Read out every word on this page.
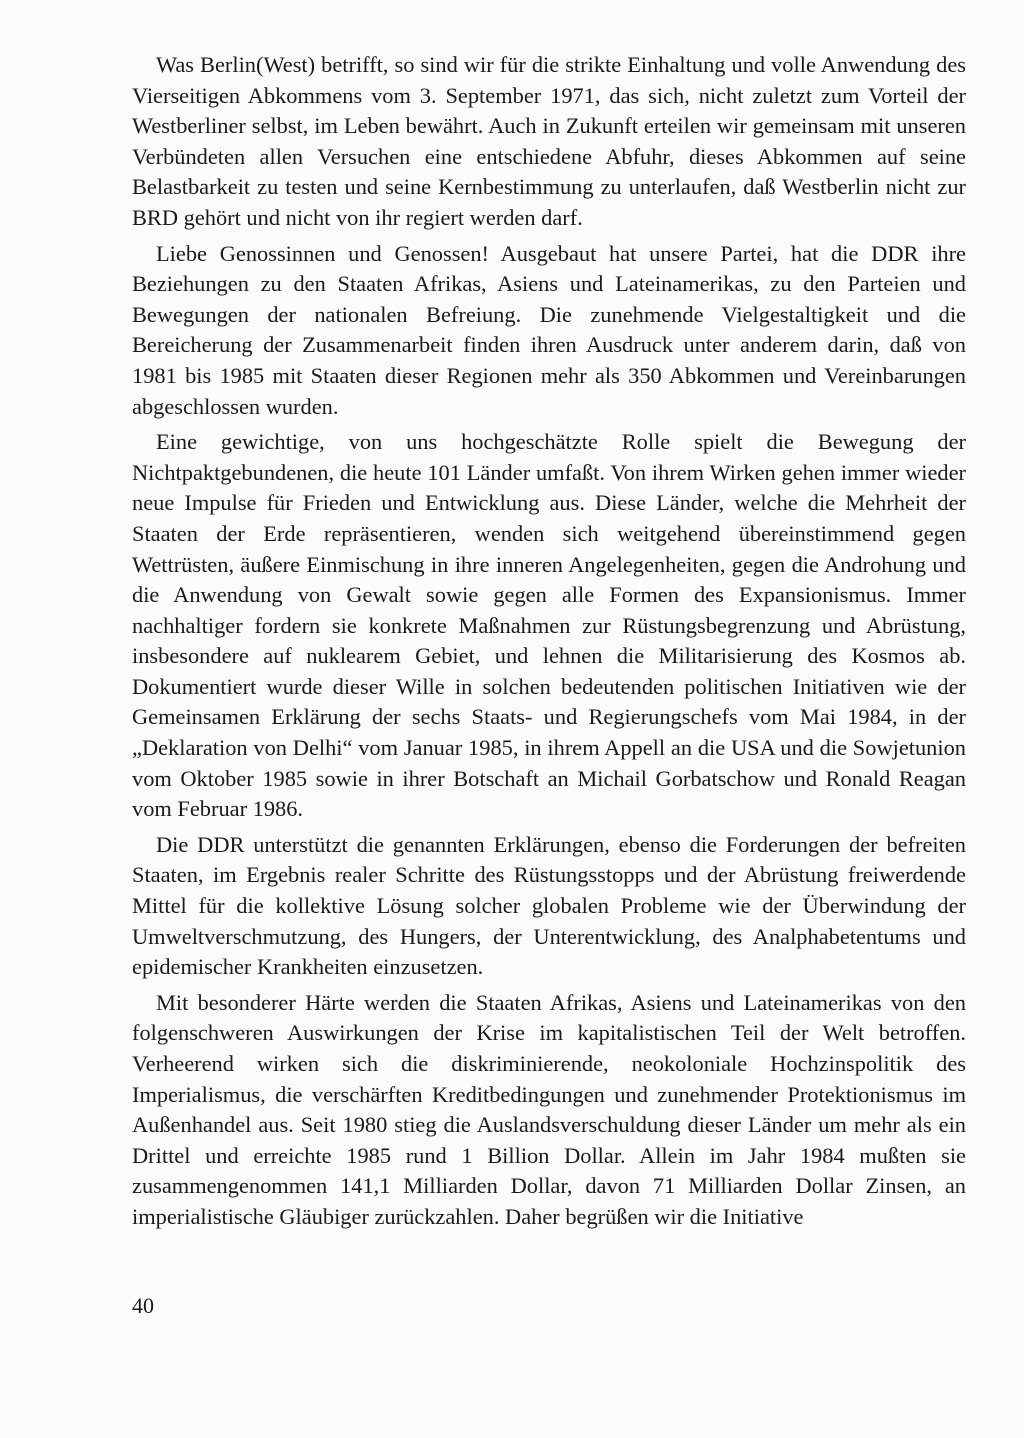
Was Berlin(West) betrifft, so sind wir für die strikte Einhaltung und volle Anwendung des Vierseitigen Abkommens vom 3. September 1971, das sich, nicht zuletzt zum Vorteil der Westberliner selbst, im Leben bewährt. Auch in Zukunft erteilen wir gemeinsam mit unseren Verbündeten allen Versuchen eine entschiedene Abfuhr, dieses Abkommen auf seine Belastbarkeit zu testen und seine Kernbestimmung zu unterlaufen, daß Westberlin nicht zur BRD gehört und nicht von ihr regiert werden darf.

Liebe Genossinnen und Genossen! Ausgebaut hat unsere Partei, hat die DDR ihre Beziehungen zu den Staaten Afrikas, Asiens und Lateinamerikas, zu den Parteien und Bewegungen der nationalen Befreiung. Die zunehmende Vielgestaltigkeit und die Bereicherung der Zusammenarbeit finden ihren Ausdruck unter anderem darin, daß von 1981 bis 1985 mit Staaten dieser Regionen mehr als 350 Abkommen und Vereinbarungen abgeschlossen wurden.

Eine gewichtige, von uns hochgeschätzte Rolle spielt die Bewegung der Nichtpaktgebundenen, die heute 101 Länder umfaßt. Von ihrem Wirken gehen immer wieder neue Impulse für Frieden und Entwicklung aus. Diese Länder, welche die Mehrheit der Staaten der Erde repräsentieren, wenden sich weitgehend übereinstimmend gegen Wettrüsten, äußere Einmischung in ihre inneren Angelegenheiten, gegen die Androhung und die Anwendung von Gewalt sowie gegen alle Formen des Expansionismus. Immer nachhaltiger fordern sie konkrete Maßnahmen zur Rüstungsbegrenzung und Abrüstung, insbesondere auf nuklearem Gebiet, und lehnen die Militarisierung des Kosmos ab. Dokumentiert wurde dieser Wille in solchen bedeutenden politischen Initiativen wie der Gemeinsamen Erklärung der sechs Staats- und Regierungschefs vom Mai 1984, in der „Deklaration von Delhi“ vom Januar 1985, in ihrem Appell an die USA und die Sowjetunion vom Oktober 1985 sowie in ihrer Botschaft an Michail Gorbatschow und Ronald Reagan vom Februar 1986.

Die DDR unterstützt die genannten Erklärungen, ebenso die Forderungen der befreiten Staaten, im Ergebnis realer Schritte des Rüstungsstopps und der Abrüstung freiwerdende Mittel für die kollektive Lösung solcher globalen Probleme wie der Überwindung der Umweltverschmutzung, des Hungers, der Unterentwicklung, des Analphabetentums und epidemischer Krankheiten einzusetzen.

Mit besonderer Härte werden die Staaten Afrikas, Asiens und Lateinamerikas von den folgenschweren Auswirkungen der Krise im kapitalistischen Teil der Welt betroffen. Verheerend wirken sich die diskriminierende, neokoloniale Hochzinspolitik des Imperialismus, die verschärften Kreditbedingungen und zunehmender Protektionismus im Außenhandel aus. Seit 1980 stieg die Auslandsverschuldung dieser Länder um mehr als ein Drittel und erreichte 1985 rund 1 Billion Dollar. Allein im Jahr 1984 mußten sie zusammengenommen 141,1 Milliarden Dollar, davon 71 Milliarden Dollar Zinsen, an imperialistische Gläubiger zurückzahlen. Daher begrüßen wir die Initiative

40
